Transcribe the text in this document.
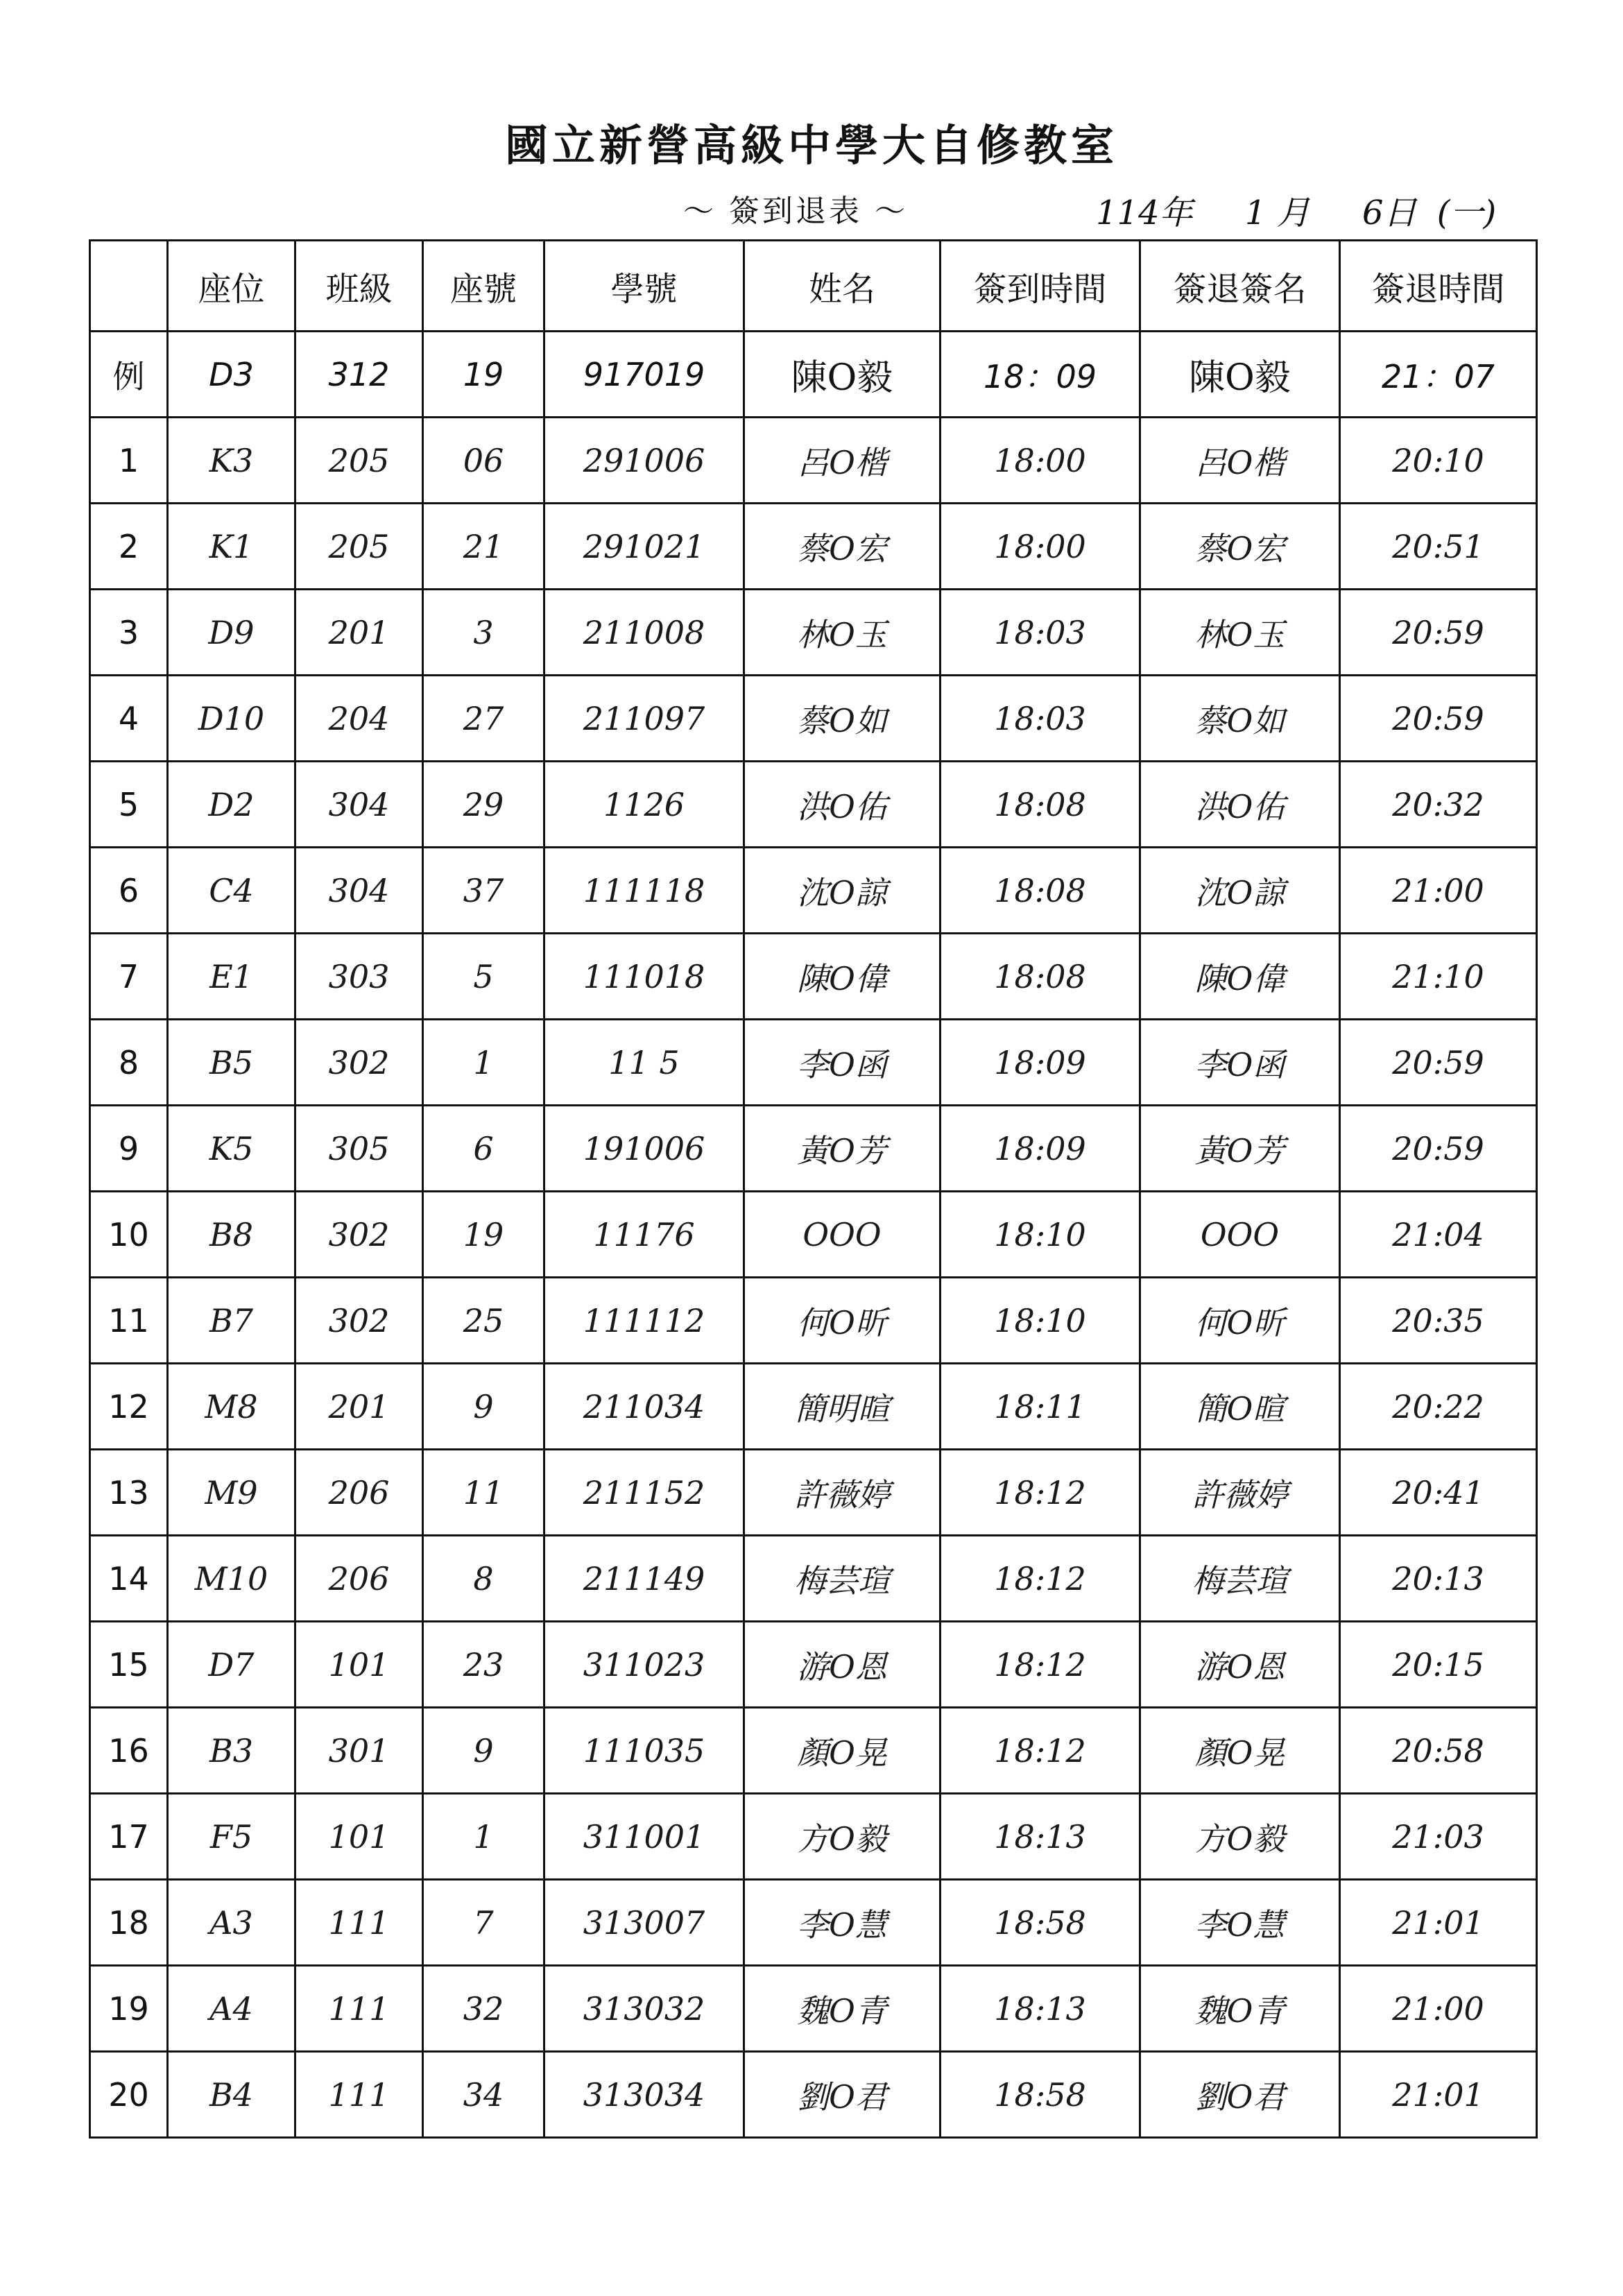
國立新營高級中學大自修教室
～ 簽到退表 ～	114年 1 月 6日 (一)
	座位	班級	座號	學號	姓名	簽到時間	簽退簽名	簽退時間
例	D3	312	19	917019	陳O毅	18：09	陳O毅	21：07
1	K3	205	06	291006	呂O楷	18:00	呂O楷	20:10
2	K1	205	21	291021	蔡O宏	18:00	蔡O宏	20:51
3	D9	201	3	211008	林O玉	18:03	林O玉	20:59
4	D10	204	27	211097	蔡O如	18:03	蔡O如	20:59
5	D2	304	29	1126	洪O佑	18:08	洪O佑	20:32
6	C4	304	37	111118	沈O諒	18:08	沈O諒	21:00
7	E1	303	5	111018	陳O偉	18:08	陳O偉	21:10
8	B5	302	1	11 5	李O函	18:09	李O函	20:59
9	K5	305	6	191006	黃O芳	18:09	黃O芳	20:59
10	B8	302	19	11176	OOO	18:10	OOO	21:04
11	B7	302	25	111112	何O昕	18:10	何O昕	20:35
12	M8	201	9	211034	簡明暄	18:11	簡O暄	20:22
13	M9	206	11	211152	許薇婷	18:12	許薇婷	20:41
14	M10	206	8	211149	梅芸瑄	18:12	梅芸瑄	20:13
15	D7	101	23	311023	游O恩	18:12	游O恩	20:15
16	B3	301	9	111035	顏O晃	18:12	顏O晃	20:58
17	F5	101	1	311001	方O毅	18:13	方O毅	21:03
18	A3	111	7	313007	李O慧	18:58	李O慧	21:01
19	A4	111	32	313032	魏O青	18:13	魏O青	21:00
20	B4	111	34	313034	劉O君	18:58	劉O君	21:01
